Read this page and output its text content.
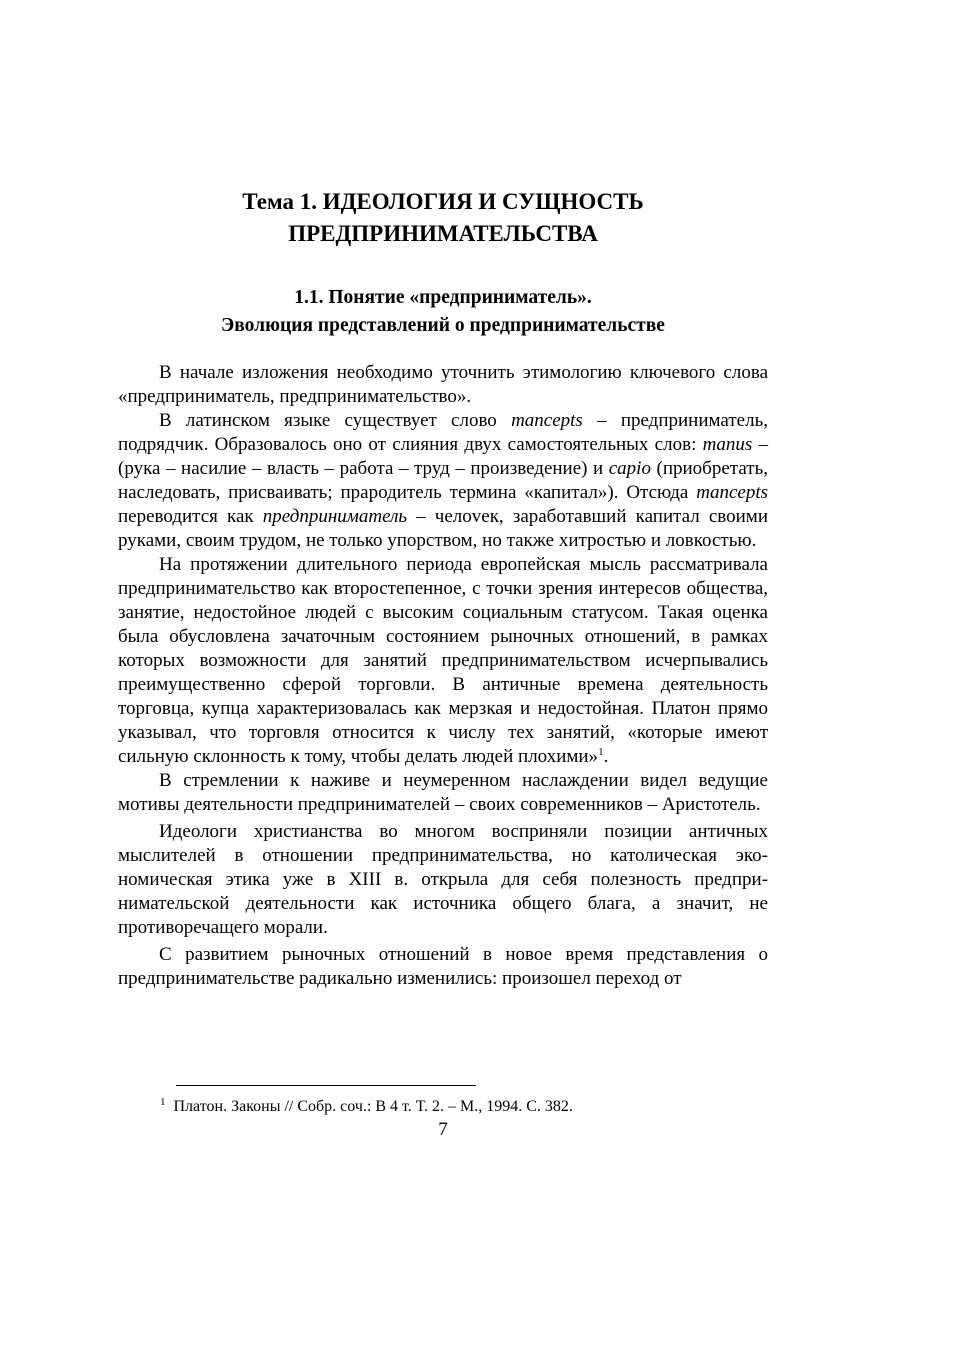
Тема 1. ИДЕОЛОГИЯ И СУЩНОСТЬ
ПРЕДПРИНИМАТЕЛЬСТВА
1.1. Понятие «предприниматель».
Эволюция представлений о предпринимательстве

В начале изложения необходимо уточнить этимологию ключевого слова «предприниматель, предпринимательство».

В латинском языке существует слово mancepts – предприниматель, подрядчик. Образовалось оно от слияния двух самостоятельных слов: manus – (рука – насилие – власть – работа – труд – произведение) и capio (приобретать, наследовать, присваивать; прародитель термина «капитал»). Отсюда mancepts переводится как предприниматель – челоvек, заработавший капитал своими руками, своим трудом, не только упорством, но также хитростью и ловкостью.

На протяжении длительного периода европейская мысль рассматривала предпринимательство как второстепенное, с точки зрения интересов общества, занятие, недостойное людей с высоким социальным статусом. Такая оценка была обусловлена зачаточным состоянием рыночных отношений, в рамках которых возможности для занятий предпринимательством исчерпывались преимущественно сферой торговли. В античные времена деятельность торговца, купца характеризовалась как мерзкая и недостойная. Платон прямо указывал, что торговля относится к числу тех занятий, «которые имеют сильную склонность к тому, чтобы делать людей плохими»$^1$.

В стремлении к наживе и неумеренном наслаждении видел ведущие мотивы деятельности предпринимателей – своих современников – Аристотель.

Идеологи христианства во многом восприняли позиции античных мыслителей в отношении предпринимательства, но католическая экономическая этика уже в XIII в. открыла для себя полезность предпринимательской деятельности как источника общего блага, а значит, не противоречащего морали.

С развитием рыночных отношений в новое время представления о предпринимательстве радикально изменились: произошел переход от

$^1$ Платон. Законы // Собр. соч.: В 4 т. Т. 2. – М., 1994. С. 382.
7
